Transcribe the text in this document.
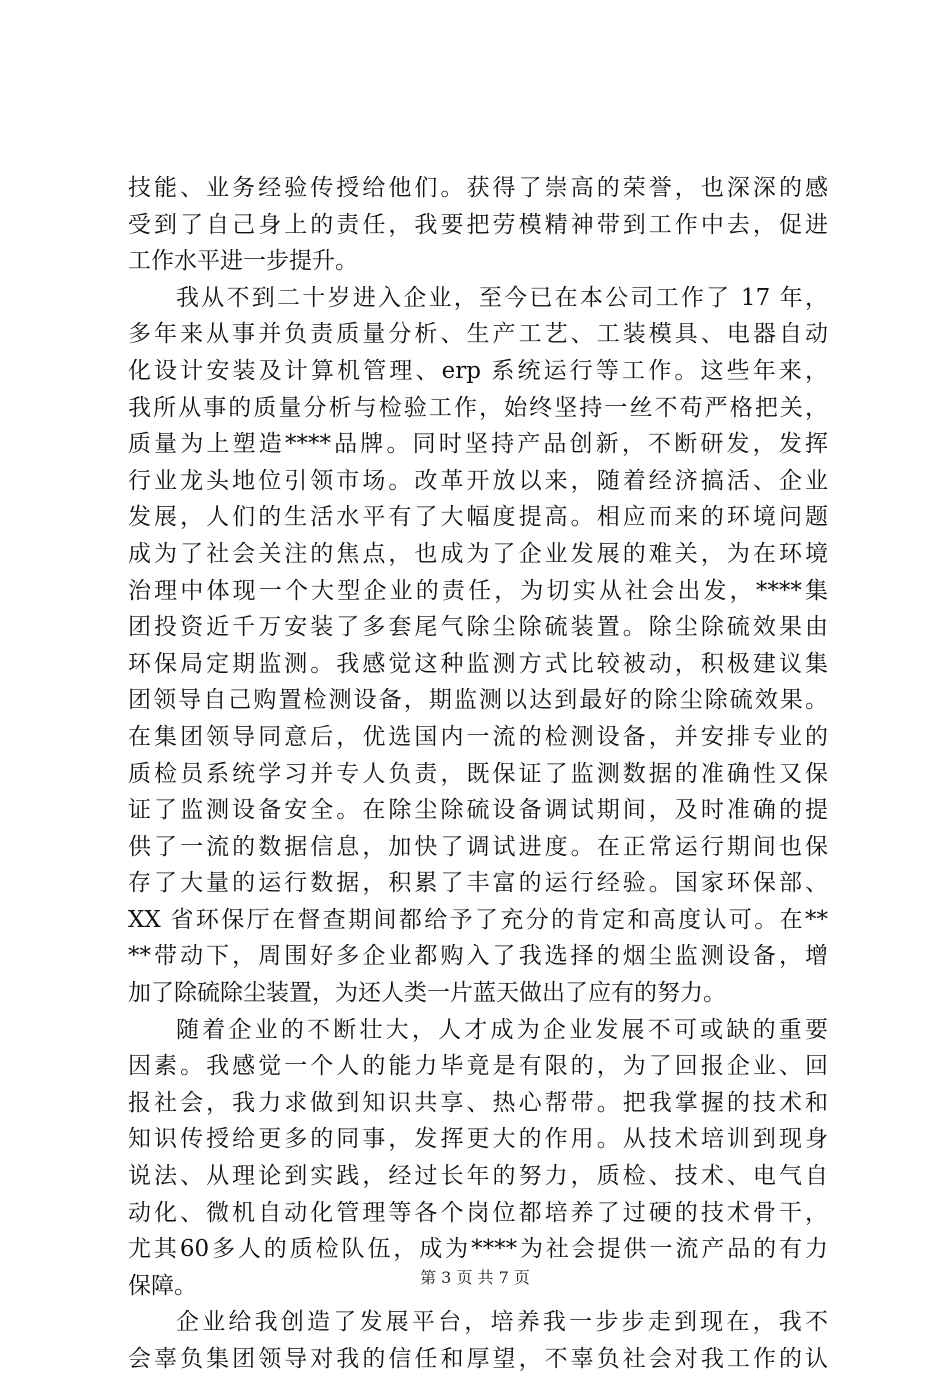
技能、业务经验传授给他们。获得了崇高的荣誉，也深深的感
受到了自己身上的责任，我要把劳模精神带到工作中去，促进
工作水平进一步提升。
我从不到二十岁进入企业，至今已在本公司工作了 17 年，
多年来从事并负责质量分析、生产工艺、工装模具、电器自动
化设计安装及计算机管理、erp 系统运行等工作。这些年来，
我所从事的质量分析与检验工作，始终坚持一丝不苟严格把关，
质量为上塑造****品牌。同时坚持产品创新，不断研发，发挥
行业龙头地位引领市场。改革开放以来，随着经济搞活、企业
发展，人们的生活水平有了大幅度提高。相应而来的环境问题
成为了社会关注的焦点，也成为了企业发展的难关，为在环境
治理中体现一个大型企业的责任，为切实从社会出发，****集
团投资近千万安装了多套尾气除尘除硫装置。除尘除硫效果由
环保局定期监测。我感觉这种监测方式比较被动，积极建议集
团领导自己购置检测设备，期监测以达到最好的除尘除硫效果。
在集团领导同意后，优选国内一流的检测设备，并安排专业的
质检员系统学习并专人负责，既保证了监测数据的准确性又保
证了监测设备安全。在除尘除硫设备调试期间，及时准确的提
供了一流的数据信息，加快了调试进度。在正常运行期间也保
存了大量的运行数据，积累了丰富的运行经验。国家环保部、
XX 省环保厅在督查期间都给予了充分的肯定和高度认可。在**
**带动下，周围好多企业都购入了我选择的烟尘监测设备，增
加了除硫除尘装置，为还人类一片蓝天做出了应有的努力。
随着企业的不断壮大，人才成为企业发展不可或缺的重要
因素。我感觉一个人的能力毕竟是有限的，为了回报企业、回
报社会，我力求做到知识共享、热心帮带。把我掌握的技术和
知识传授给更多的同事，发挥更大的作用。从技术培训到现身
说法、从理论到实践，经过长年的努力，质检、技术、电气自
动化、微机自动化管理等各个岗位都培养了过硬的技术骨干，
尤其60多人的质检队伍，成为****为社会提供一流产品的有力
保障。
企业给我创造了发展平台，培养我一步步走到现在，我不
会辜负集团领导对我的信任和厚望，不辜负社会对我工作的认
第 3 页 共 7 页
